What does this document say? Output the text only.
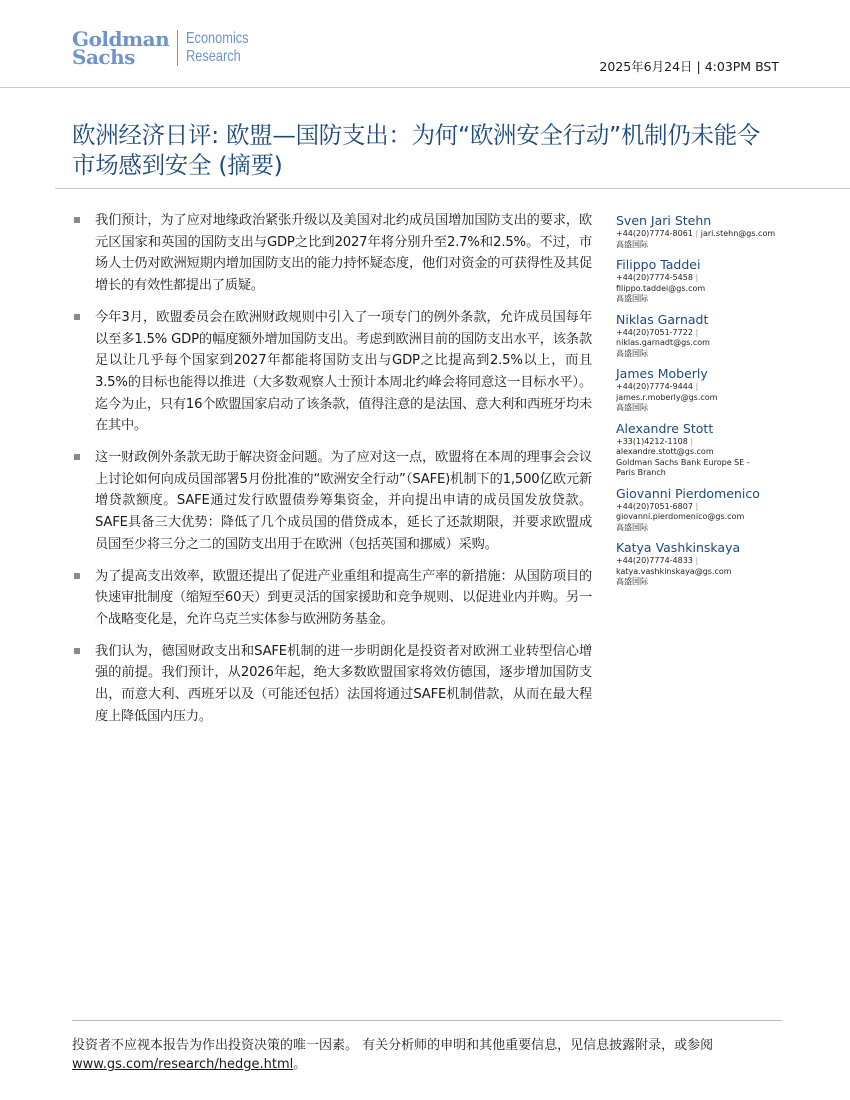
Goldman
Sachs
Economics
Research
2025年6月24日 | 4:03PM BST
欧洲经济日评: 欧盟—国防支出：为何“欧洲安全行动”机制仍未能令市场感到安全 (摘要)
我们预计，为了应对地缘政治紧张升级以及美国对北约成员国增加国防支出的要求，欧元区国家和英国的国防支出与GDP之比到2027年将分别升至2.7%和2.5%。不过，市场人士仍对欧洲短期内增加国防支出的能力持怀疑态度，他们对资金的可获得性及其促增长的有效性都提出了质疑。
今年3月，欧盟委员会在欧洲财政规则中引入了一项专门的例外条款，允许成员国每年以至多1.5% GDP的幅度额外增加国防支出。考虑到欧洲目前的国防支出水平，该条款足以让几乎每个国家到2027年都能将国防支出与GDP之比提高到2.5%以上，而且3.5%的目标也能得以推进（大多数观察人士预计本周北约峰会将同意这一目标水平）。迄今为止，只有16个欧盟国家启动了该条款，值得注意的是法国、意大利和西班牙均未在其中。
这一财政例外条款无助于解决资金问题。为了应对这一点，欧盟将在本周的理事会会议上讨论如何向成员国部署5月份批准的“欧洲安全行动”（SAFE)机制下的1,500亿欧元新增贷款额度。SAFE通过发行欧盟债券筹集资金，并向提出申请的成员国发放贷款。SAFE具备三大优势：降低了几个成员国的借贷成本，延长了还款期限，并要求欧盟成员国至少将三分之二的国防支出用于在欧洲（包括英国和挪威）采购。
为了提高支出效率，欧盟还提出了促进产业重组和提高生产率的新措施：从国防项目的快速审批制度（缩短至60天）到更灵活的国家援助和竞争规则、以促进业内并购。另一个战略变化是，允许乌克兰实体参与欧洲防务基金。
我们认为，德国财政支出和SAFE机制的进一步明朗化是投资者对欧洲工业转型信心增强的前提。我们预计，从2026年起，绝大多数欧盟国家将效仿德国，逐步增加国防支出，而意大利、西班牙以及（可能还包括）法国将通过SAFE机制借款，从而在最大程度上降低国内压力。
Sven Jari Stehn
+44(20)7774-8061 | jari.stehn@gs.com
高盛国际
Filippo Taddei
+44(20)7774-5458 |
filippo.taddei@gs.com
高盛国际
Niklas Garnadt
+44(20)7051-7722 |
niklas.garnadt@gs.com
高盛国际
James Moberly
+44(20)7774-9444 |
james.r.moberly@gs.com
高盛国际
Alexandre Stott
+33(1)4212-1108 |
alexandre.stott@gs.com
Goldman Sachs Bank Europe SE -
Paris Branch
Giovanni Pierdomenico
+44(20)7051-6807 |
giovanni.pierdomenico@gs.com
高盛国际
Katya Vashkinskaya
+44(20)7774-4833 |
katya.vashkinskaya@gs.com
高盛国际
投资者不应视本报告为作出投资决策的唯一因素。 有关分析师的申明和其他重要信息，见信息披露附录，或参阅
www.gs.com/research/hedge.html。
